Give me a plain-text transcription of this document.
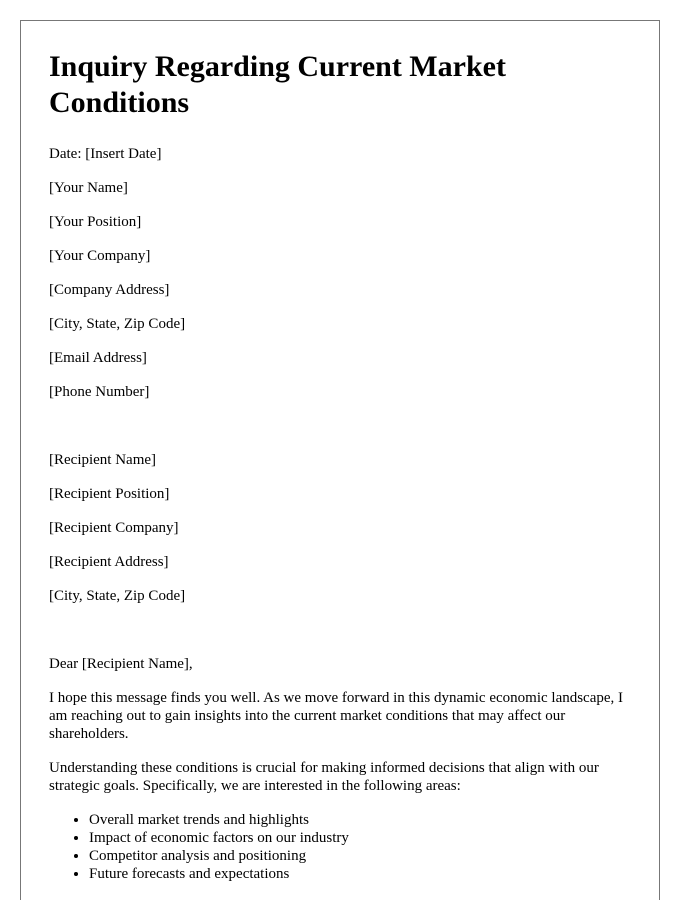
Inquiry Regarding Current Market Conditions
Date: [Insert Date]
[Your Name]
[Your Position]
[Your Company]
[Company Address]
[City, State, Zip Code]
[Email Address]
[Phone Number]
[Recipient Name]
[Recipient Position]
[Recipient Company]
[Recipient Address]
[City, State, Zip Code]
Dear [Recipient Name],
I hope this message finds you well. As we move forward in this dynamic economic landscape, I am reaching out to gain insights into the current market conditions that may affect our shareholders.
Understanding these conditions is crucial for making informed decisions that align with our strategic goals. Specifically, we are interested in the following areas:
• Overall market trends and highlights
• Impact of economic factors on our industry
• Competitor analysis and positioning
• Future forecasts and expectations
